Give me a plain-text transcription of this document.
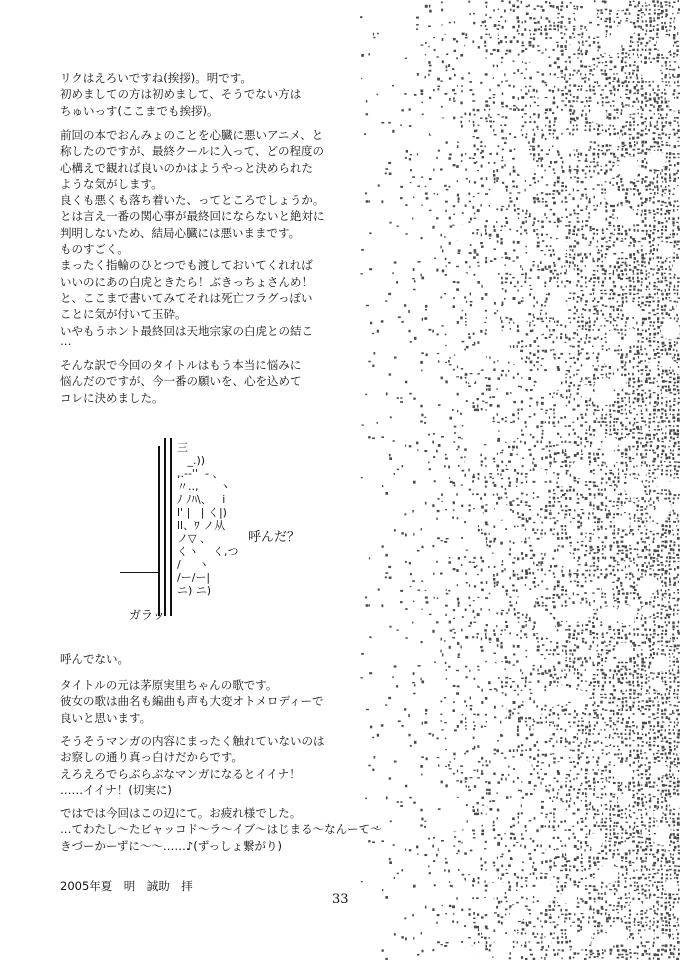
リクはえろいですね(挨拶)。明です。
初めましての方は初めまして、そうでない方は
ちゅいっす(ここまでも挨拶)。
前回の本でおんみょのことを心臓に悪いアニメ、と
称したのですが、最終クールに入って、どの程度の
心構えで観れば良いのかはようやっと決められた
ような気がします。
良くも悪くも落ち着いた、ってところでしょうか。
とは言え一番の関心事が最終回にならないと絶対に
判明しないため、結局心臓には悪いままです。
ものすごく。
まったく指輪のひとつでも渡しておいてくれれば
いいのにあの白虎ときたら！ぶきっちょさんめ！
と、ここまで書いてみてそれは死亡フラグっぽい
ことに気が付いて玉砕。
いやもうホント最終回は天地宗家の白虎との結こ
…
そんな訳で今回のタイトルはもう本当に悩みに
悩んだのですが、今一番の願いを、心を込めて
コレに決めました。
呼んでない。
タイトルの元は茅原実里ちゃんの歌です。
彼女の歌は曲名も編曲も声も大変オトメロディーで
良いと思います。
そうそうマンガの内容にまったく触れていないのは
お察しの通り真っ白けだからです。
えろえろでらぶらぶなマンガになるとイイナ！
……イイナ！(切実に)
ではでは今回はこの辺にて。お疲れ様でした。
…てわたし～たビャッコド～ラ～イブ～はじまる～なんーて～
きづーかーずに～～……♪(ずっしょ繋がり)
三
_.))
,.--''  ‐ 、
〃..,      ヽ
ﾉ ﾉﾊ\、   i
l' |   | く|)
ll、ﾜ ノ从
ノ▽ 、
くヽ    く,つ
/     ヽ
/ー/ー|
ニ) ニ)
呼んだ？
ガラッ
2005年夏　明　誠助　拝
33
